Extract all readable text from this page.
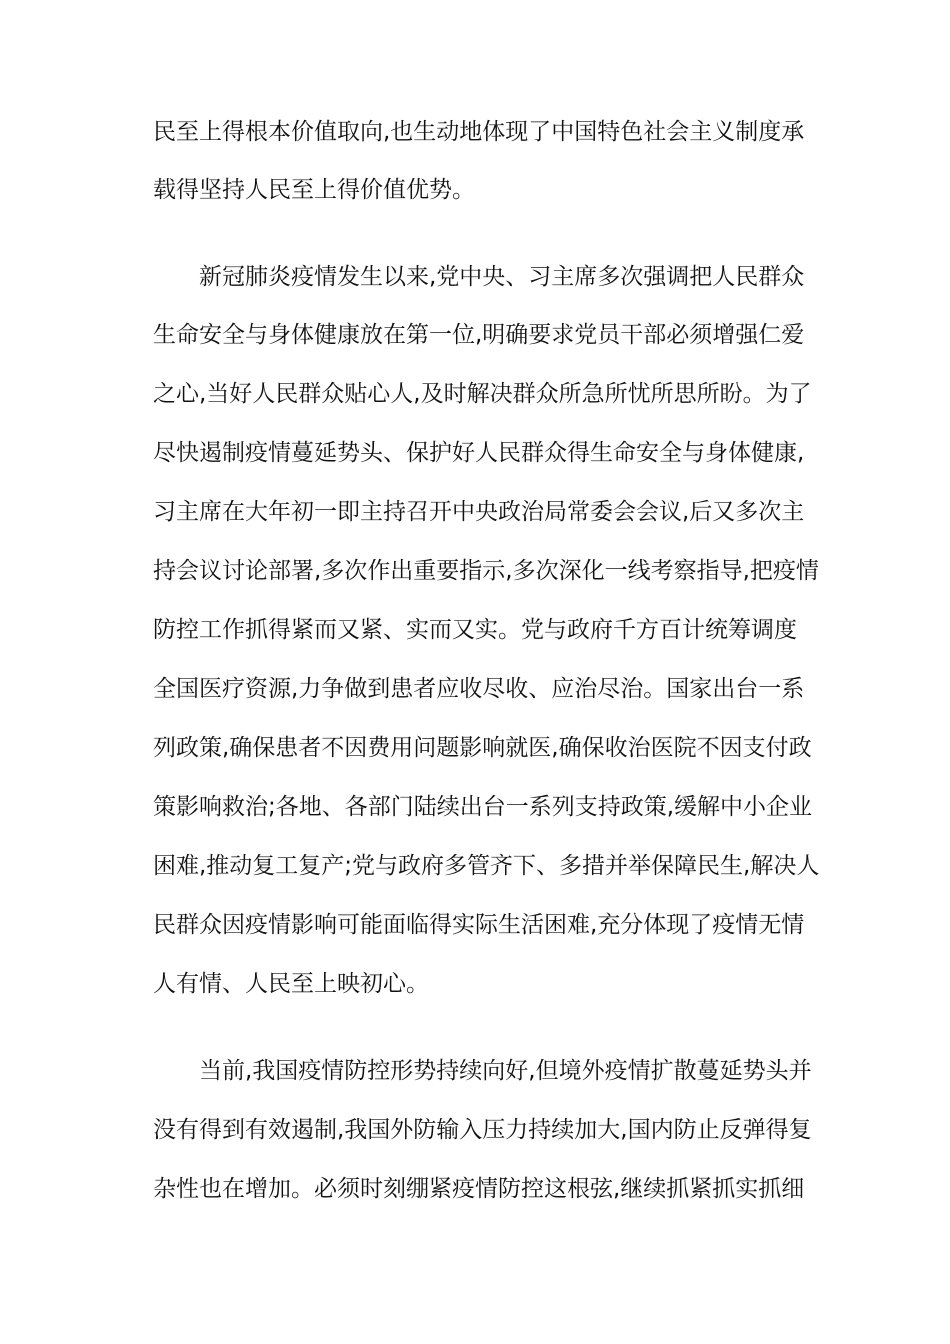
民至上得根本价值取向,也生动地体现了中国特色社会主义制度承
载得坚持人民至上得价值优势。
新冠肺炎疫情发生以来,党中央、习主席多次强调把人民群众
生命安全与身体健康放在第一位,明确要求党员干部必须增强仁爱
之心,当好人民群众贴心人,及时解决群众所急所忧所思所盼。为了
尽快遏制疫情蔓延势头、保护好人民群众得生命安全与身体健康,
习主席在大年初一即主持召开中央政治局常委会会议,后又多次主
持会议讨论部署,多次作出重要指示,多次深化一线考察指导,把疫情
防控工作抓得紧而又紧、实而又实。党与政府千方百计统筹调度
全国医疗资源,力争做到患者应收尽收、应治尽治。国家出台一系
列政策,确保患者不因费用问题影响就医,确保收治医院不因支付政
策影响救治;各地、各部门陆续出台一系列支持政策,缓解中小企业
困难,推动复工复产;党与政府多管齐下、多措并举保障民生,解决人
民群众因疫情影响可能面临得实际生活困难,充分体现了疫情无情
人有情、人民至上映初心。
当前,我国疫情防控形势持续向好,但境外疫情扩散蔓延势头并
没有得到有效遏制,我国外防输入压力持续加大,国内防止反弹得复
杂性也在增加。必须时刻绷紧疫情防控这根弦,继续抓紧抓实抓细
